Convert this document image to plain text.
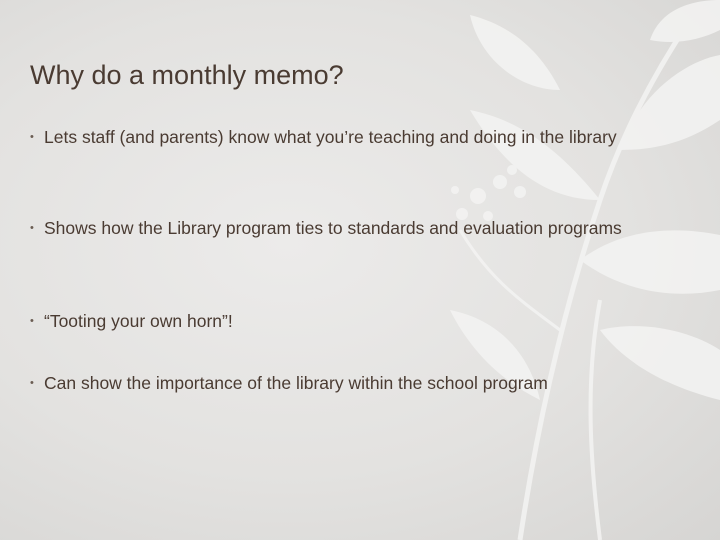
Why do a monthly memo?
• Lets staff (and parents) know what you’re teaching and doing in the library
• Shows how the Library program ties to standards and evaluation programs
• “Tooting your own horn”!
• Can show the importance of the library within the school program
